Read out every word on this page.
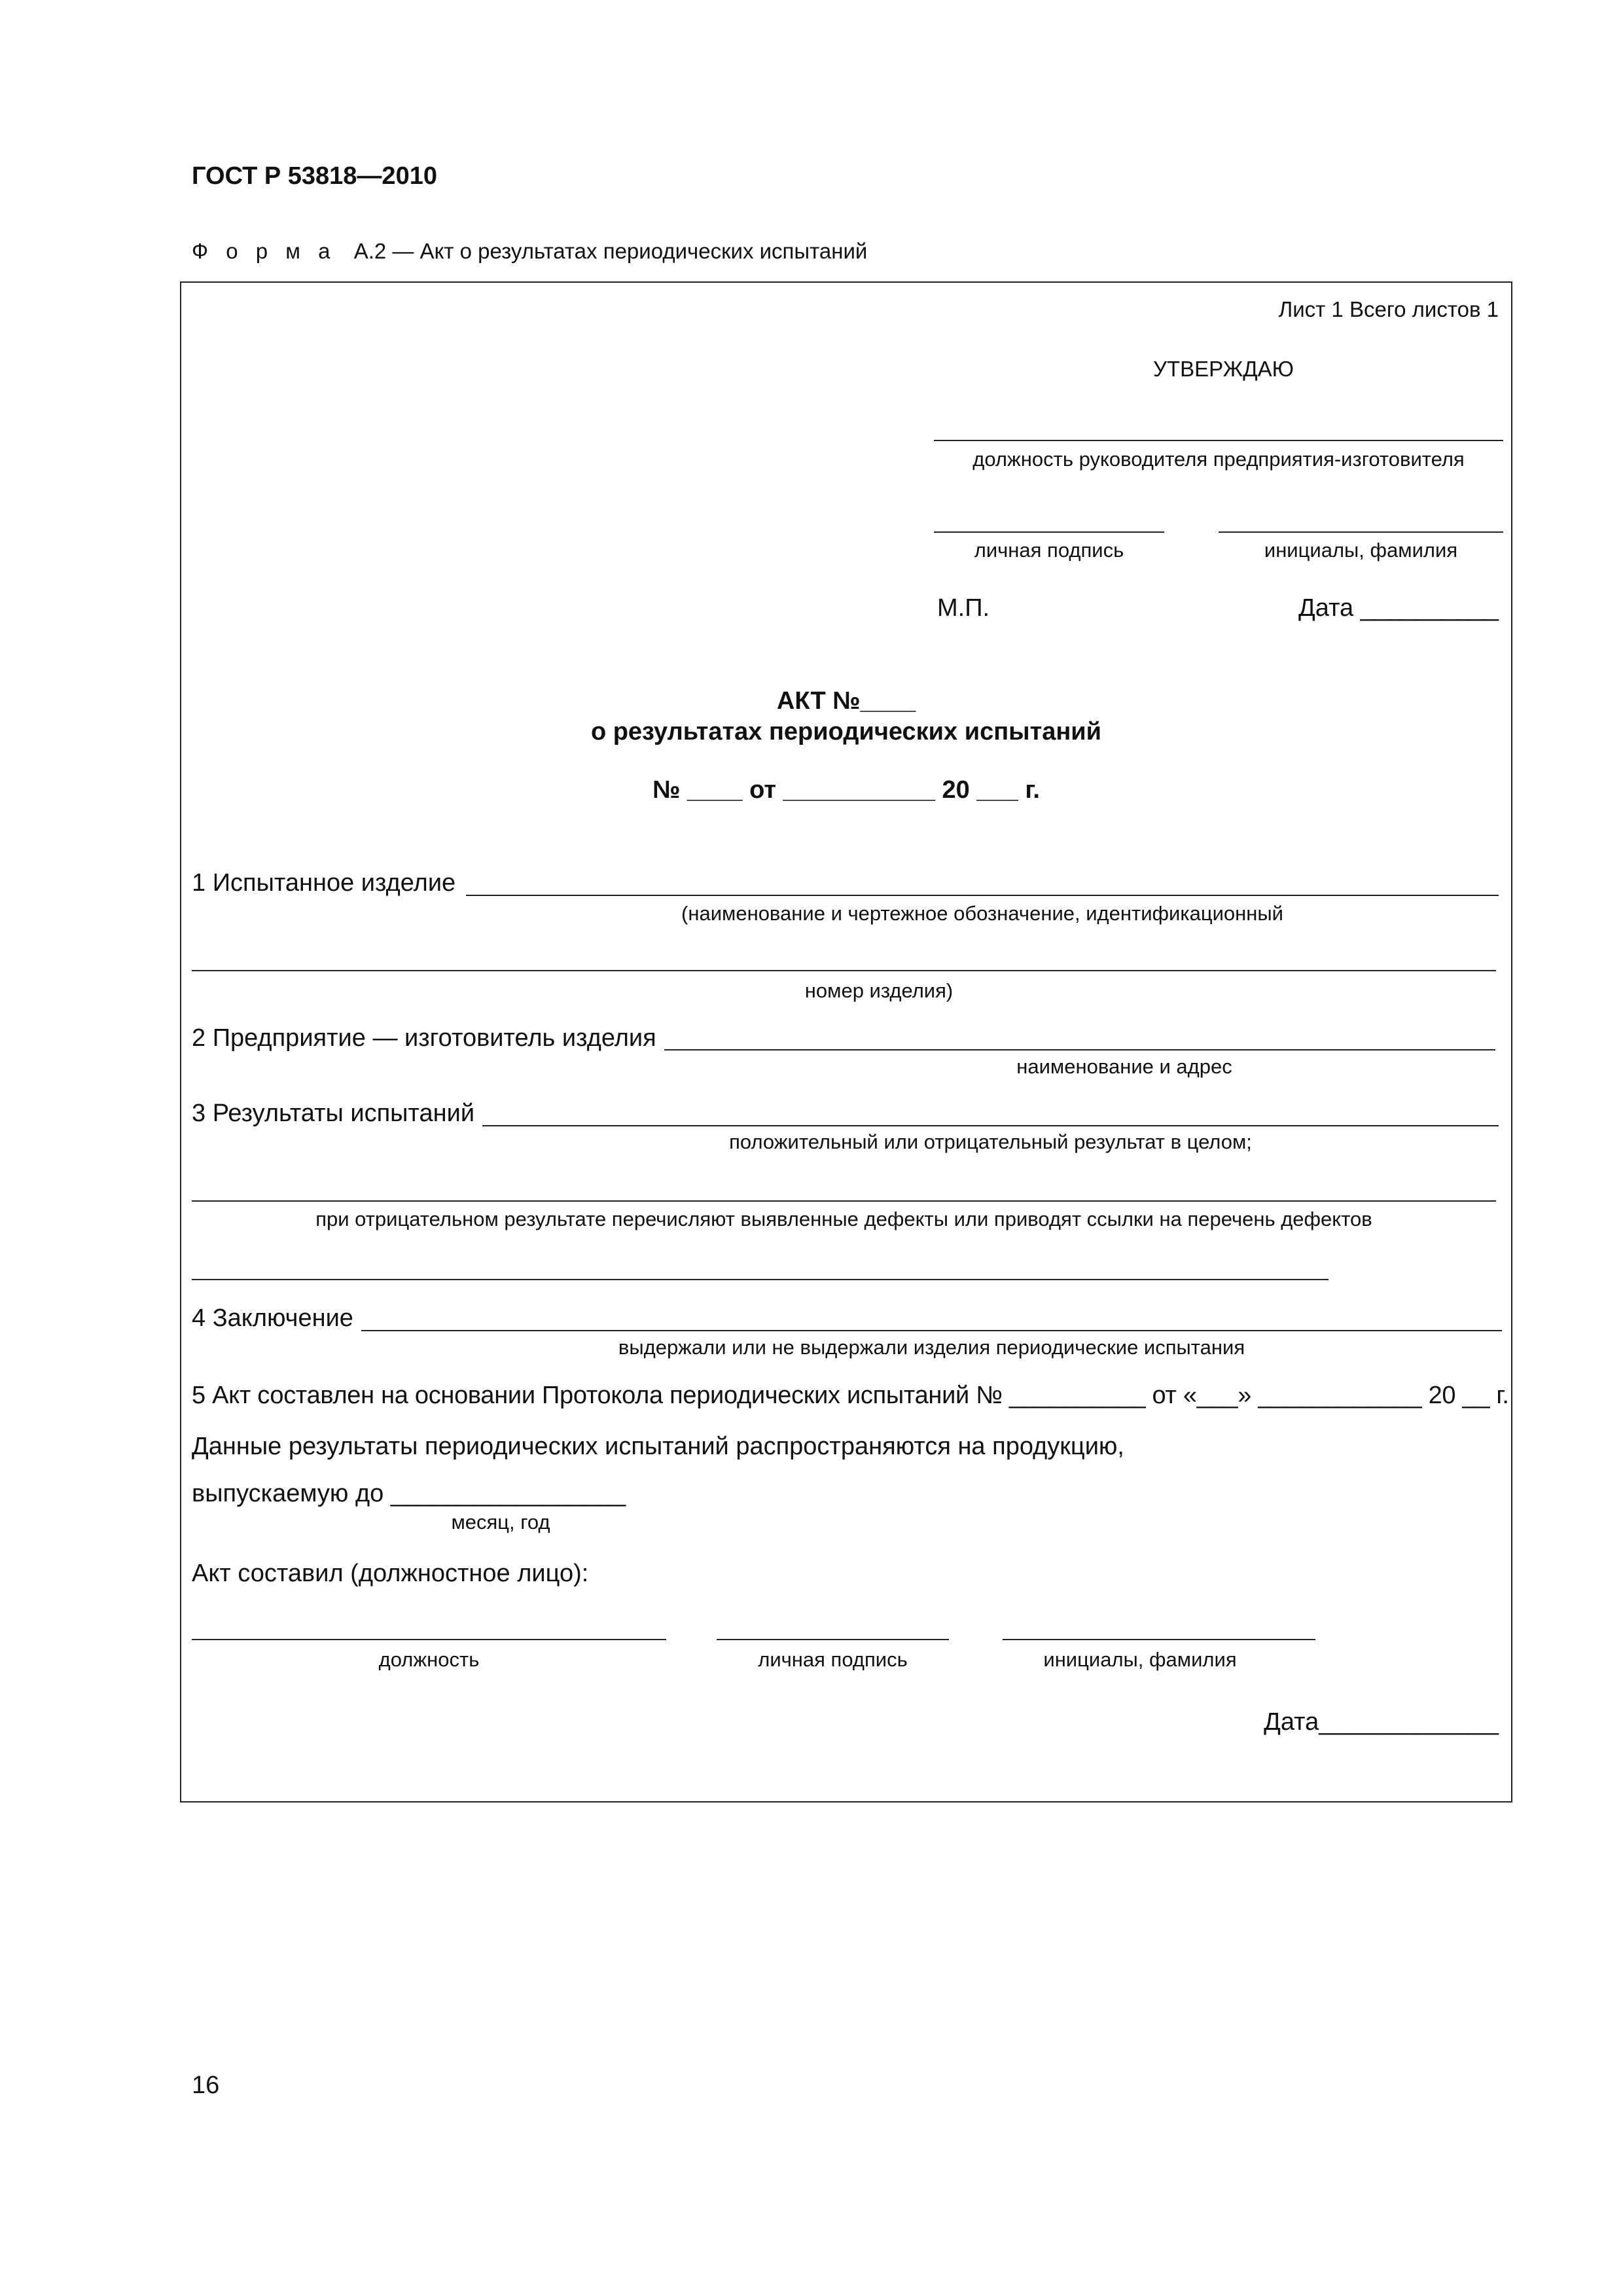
ГОСТ Р 53818—2010
Ф о р м а А.2 — Акт о результатах периодических испытаний
Лист 1 Всего листов 1
УТВЕРЖДАЮ
должность руководителя предприятия-изготовителя
личная подпись	инициалы, фамилия
М.П.	Дата __________
АКТ №____
о результатах периодических испытаний
№ ____ от ___________ 20 ___ г.
1 Испытанное изделие
(наименование и чертежное обозначение, идентификационный
номер изделия)
2 Предприятие — изготовитель изделия
наименование и адрес
3 Результаты испытаний
положительный или отрицательный результат в целом;
при отрицательном результате перечисляют выявленные дефекты или приводят ссылки на перечень дефектов
4 Заключение
выдержали или не выдержали изделия периодические испытания
5 Акт составлен на основании Протокола периодических испытаний № __________ от «___» ____________ 20 __ г.
Данные результаты периодических испытаний распространяются на продукцию,
выпускаемую до _________________
месяц, год
Акт составил (должностное лицо):
должность	личная подпись	инициалы, фамилия
Дата_____________
16
